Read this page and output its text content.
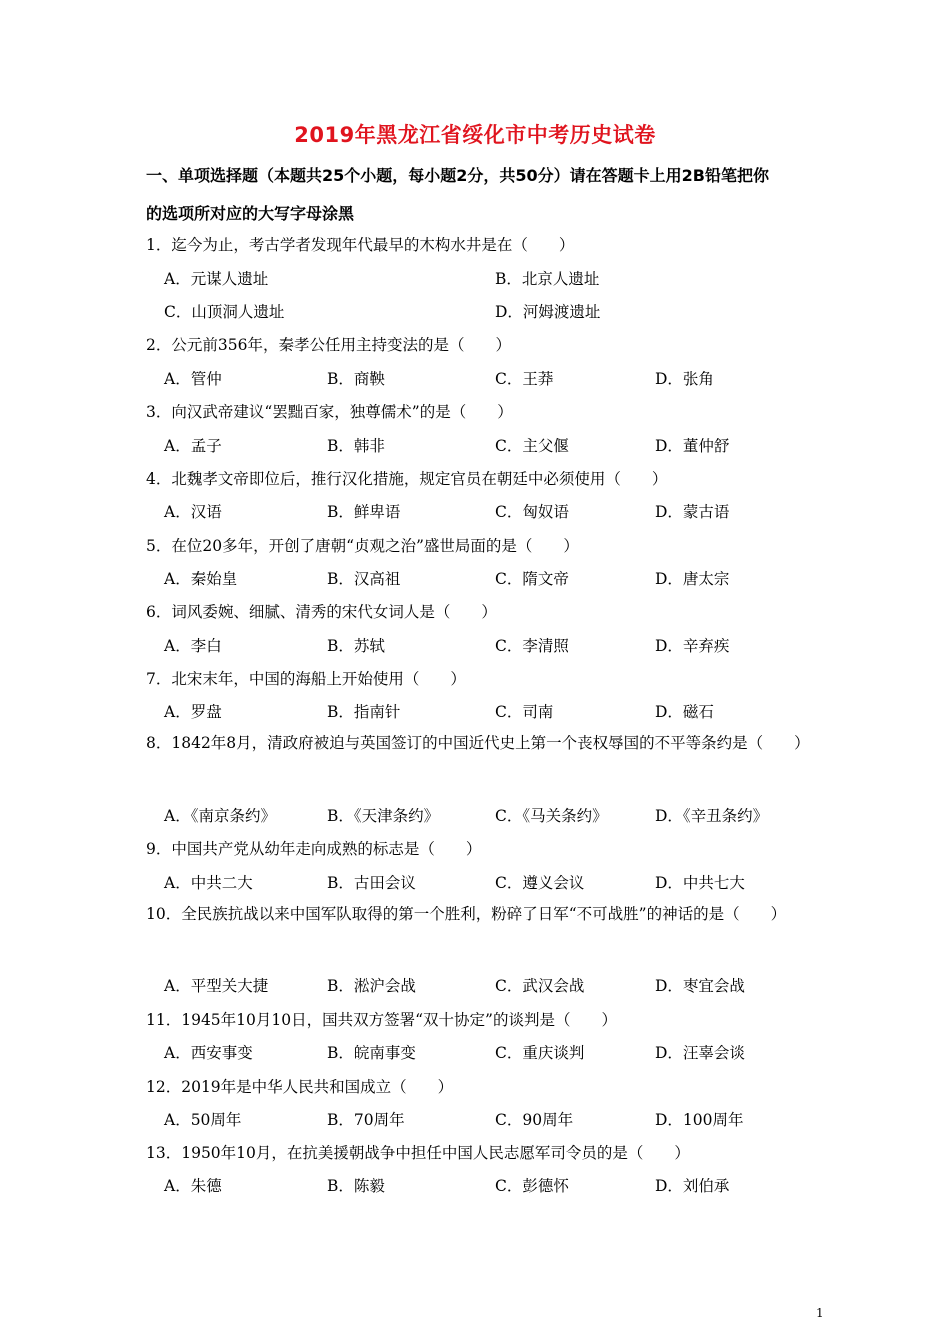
2019年黑龙江省绥化市中考历史试卷
一、单项选择题（本题共25个小题，每小题2分，共50分）请在答题卡上用2B铅笔把你
的选项所对应的大写字母涂黑
1．迄今为止，考古学者发现年代最早的木构水井是在（　　）
A．元谋人遗址	B．北京人遗址
C．山顶洞人遗址	D．河姆渡遗址
2．公元前356年，秦孝公任用主持变法的是（　　）
A．管仲	B．商鞅	C．王莽	D．张角
3．向汉武帝建议“罢黜百家，独尊儒术”的是（　　）
A．孟子	B．韩非	C．主父偃	D．董仲舒
4．北魏孝文帝即位后，推行汉化措施，规定官员在朝廷中必须使用（　　）
A．汉语	B．鲜卑语	C．匈奴语	D．蒙古语
5．在位20多年，开创了唐朝“贞观之治”盛世局面的是（　　）
A．秦始皇	B．汉高祖	C．隋文帝	D．唐太宗
6．词风委婉、细腻、清秀的宋代女词人是（　　）
A．李白	B．苏轼	C．李清照	D．辛弃疾
7．北宋末年，中国的海船上开始使用（　　）
A．罗盘	B．指南针	C．司南	D．磁石
8．1842年8月，清政府被迫与英国签订的中国近代史上第一个丧权辱国的不平等条约是（　　）
A．《南京条约》	B．《天津条约》	C．《马关条约》	D．《辛丑条约》
9．中国共产党从幼年走向成熟的标志是（　　）
A．中共二大	B．古田会议	C．遵义会议	D．中共七大
10．全民族抗战以来中国军队取得的第一个胜利，粉碎了日军“不可战胜”的神话的是（　　）
A．平型关大捷	B．淞沪会战	C．武汉会战	D．枣宜会战
11．1945年10月10日，国共双方签署“双十协定”的谈判是（　　）
A．西安事变	B．皖南事变	C．重庆谈判	D．汪辜会谈
12．2019年是中华人民共和国成立（　　）
A．50周年	B．70周年	C．90周年	D．100周年
13．1950年10月，在抗美援朝战争中担任中国人民志愿军司令员的是（　　）
A．朱德	B．陈毅	C．彭德怀	D．刘伯承
1
